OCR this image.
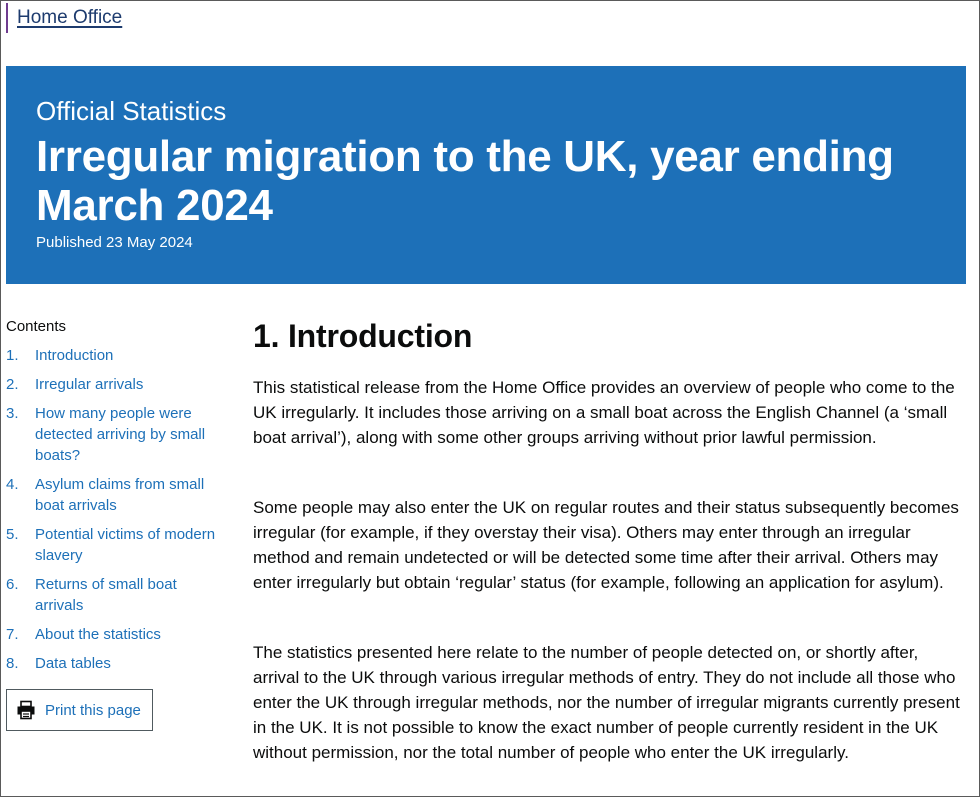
Home Office
Official Statistics
Irregular migration to the UK, year ending March 2024
Published 23 May 2024
Contents
1.	Introduction
2.	Irregular arrivals
3.	How many people were detected arriving by small boats?
4.	Asylum claims from small boat arrivals
5.	Potential victims of modern slavery
6.	Returns of small boat arrivals
7.	About the statistics
8.	Data tables
Print this page
1. Introduction

This statistical release from the Home Office provides an overview of people who come to the UK irregularly. It includes those arriving on a small boat across the English Channel (a ‘small boat arrival’), along with some other groups arriving without prior lawful permission.

Some people may also enter the UK on regular routes and their status subsequently becomes irregular (for example, if they overstay their visa). Others may enter through an irregular method and remain undetected or will be detected some time after their arrival. Others may enter irregularly but obtain ‘regular’ status (for example, following an application for asylum).

The statistics presented here relate to the number of people detected on, or shortly after, arrival to the UK through various irregular methods of entry. They do not include all those who enter the UK through irregular methods, nor the number of irregular migrants currently present in the UK. It is not possible to know the exact number of people currently resident in the UK without permission, nor the total number of people who enter the UK irregularly.
